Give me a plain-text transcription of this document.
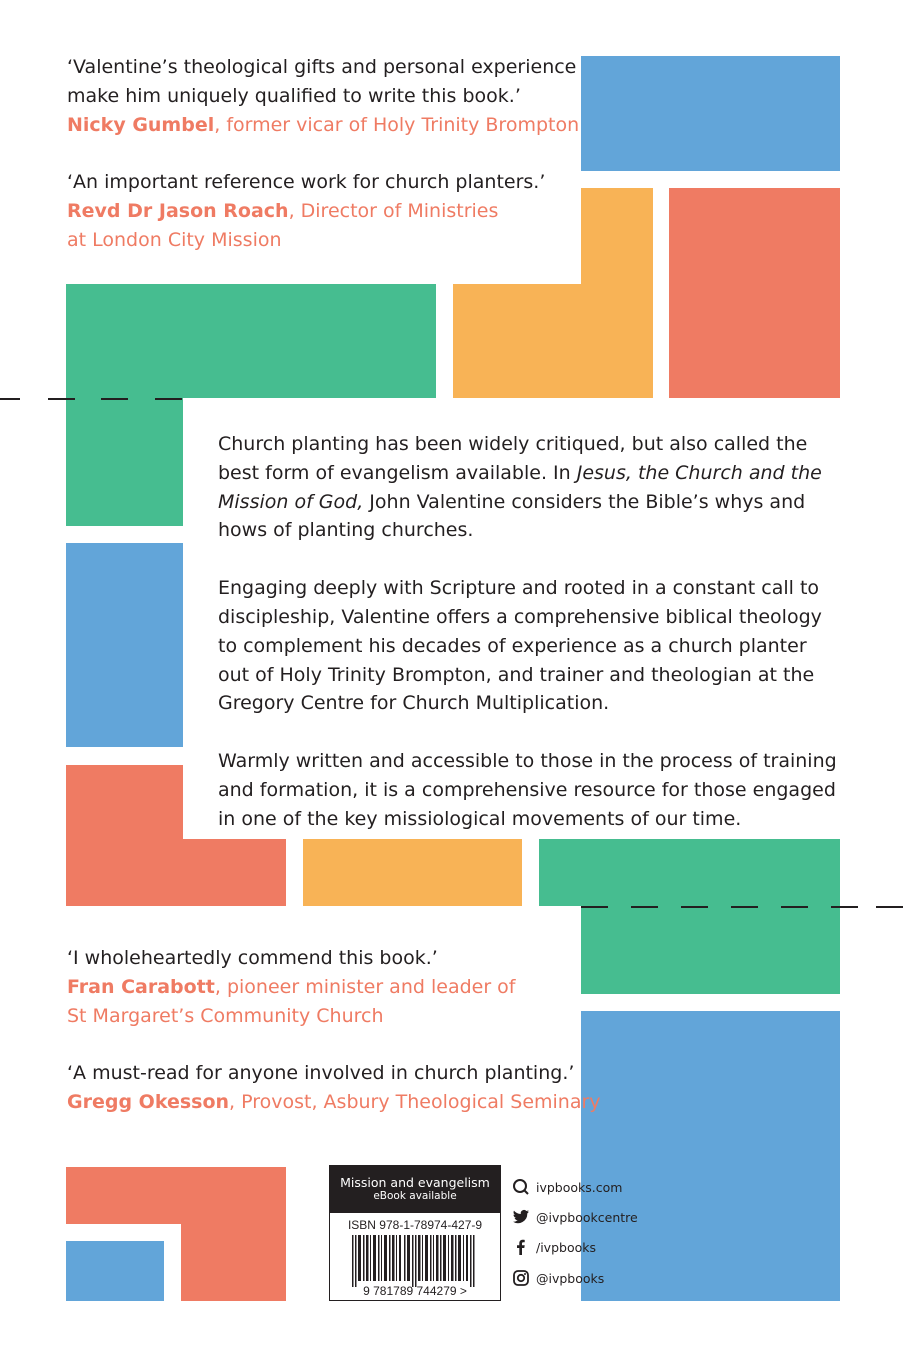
‘Valentine’s theological gifts and personal experience
make him uniquely qualified to write this book.’
Nicky Gumbel, former vicar of Holy Trinity Brompton
‘An important reference work for church planters.’
Revd Dr Jason Roach, Director of Ministries
at London City Mission

Church planting has been widely critiqued, but also called the best form of evangelism available. In Jesus, the Church and the Mission of God, John Valentine considers the Bible’s whys and hows of planting churches.

Engaging deeply with Scripture and rooted in a constant call to discipleship, Valentine offers a comprehensive biblical theology to complement his decades of experience as a church planter out of Holy Trinity Brompton, and trainer and theologian at the Gregory Centre for Church Multiplication.

Warmly written and accessible to those in the process of training and formation, it is a comprehensive resource for those engaged in one of the key missiological movements of our time.

‘I wholeheartedly commend this book.’
Fran Carabott, pioneer minister and leader of
St Margaret’s Community Church
‘A must-read for anyone involved in church planting.’
Gregg Okesson, Provost, Asbury Theological Seminary
Mission and evangelism
eBook available
ISBN 978-1-78974-427-9
9 781789 744279 >
ivpbooks.com
@ivpbookcentre
/ivpbooks
@ivpbooks
